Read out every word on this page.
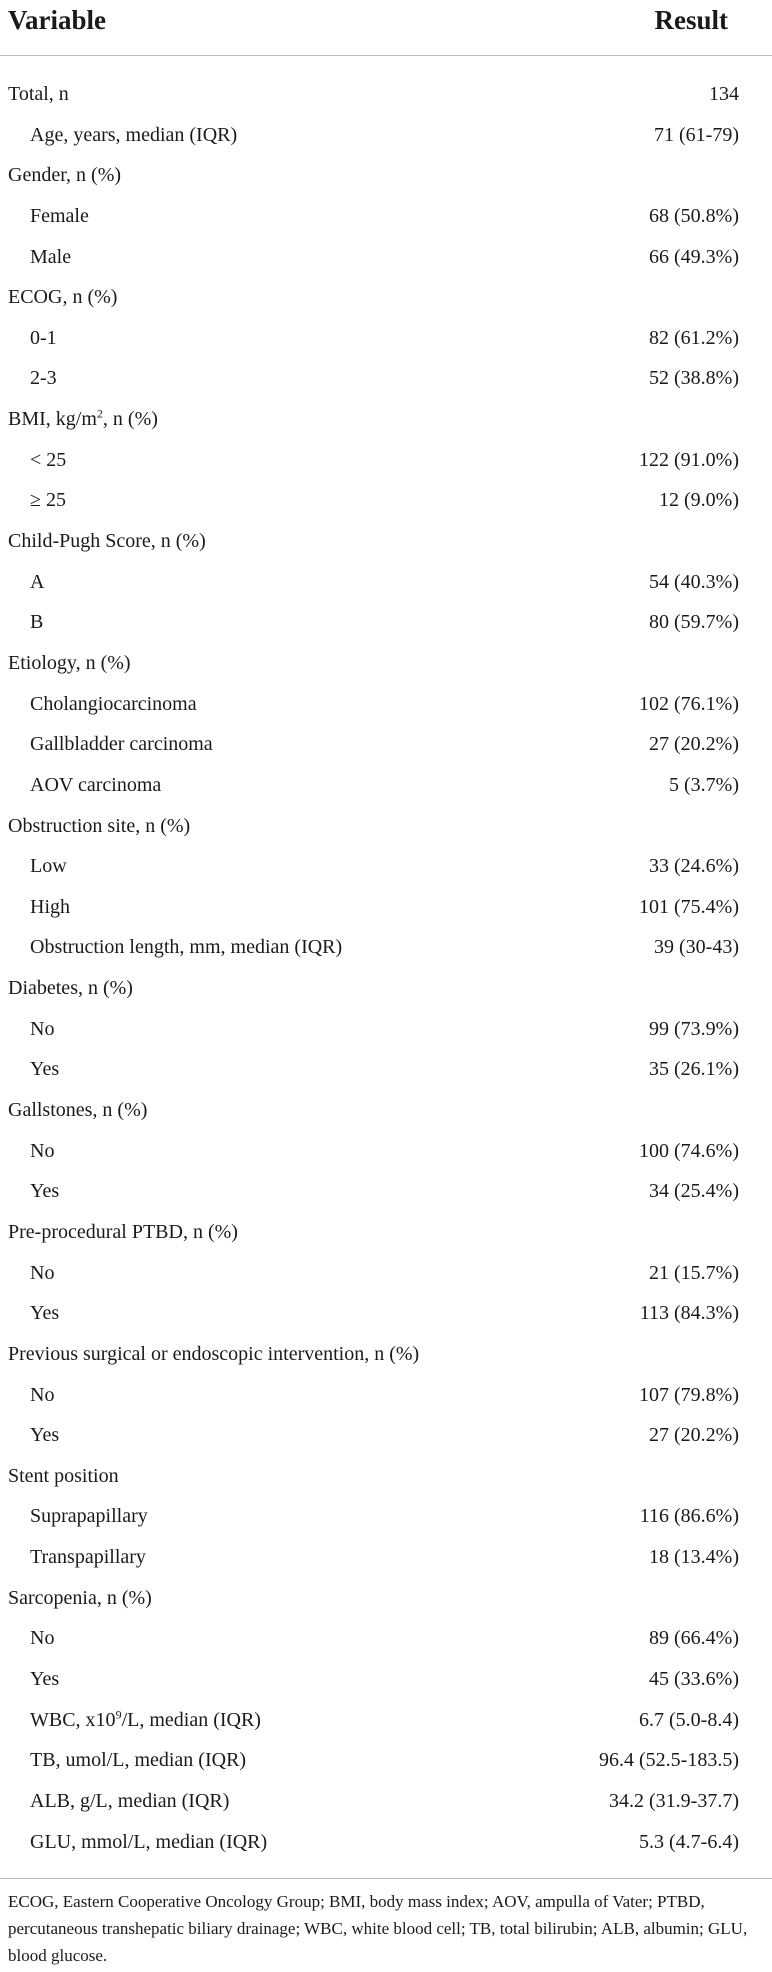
Variable	Result
Total, n	134
Age, years, median (IQR)	71 (61-79)
Gender, n (%)
Female	68 (50.8%)
Male	66 (49.3%)
ECOG, n (%)
0-1	82 (61.2%)
2-3	52 (38.8%)
BMI, $kg/m^2$, n (%)
< 25	122 (91.0%)
≥ 25	12 (9.0%)
Child-Pugh Score, n (%)
A	54 (40.3%)
B	80 (59.7%)
Etiology, n (%)
Cholangiocarcinoma	102 (76.1%)
Gallbladder carcinoma	27 (20.2%)
AOV carcinoma	5 (3.7%)
Obstruction site, n (%)
Low	33 (24.6%)
High	101 (75.4%)
Obstruction length, mm, median (IQR)	39 (30-43)
Diabetes, n (%)
No	99 (73.9%)
Yes	35 (26.1%)
Gallstones, n (%)
No	100 (74.6%)
Yes	34 (25.4%)
Pre-procedural PTBD, n (%)
No	21 (15.7%)
Yes	113 (84.3%)
Previous surgical or endoscopic intervention, n (%)
No	107 (79.8%)
Yes	27 (20.2%)
Stent position
Suprapapillary	116 (86.6%)
Transpapillary	18 (13.4%)
Sarcopenia, n (%)
No	89 (66.4%)
Yes	45 (33.6%)
WBC, $x10^9/L$, median (IQR)	6.7 (5.0-8.4)
TB, umol/L, median (IQR)	96.4 (52.5-183.5)
ALB, g/L, median (IQR)	34.2 (31.9-37.7)
GLU, mmol/L, median (IQR)	5.3 (4.7-6.4)
ECOG, Eastern Cooperative Oncology Group; BMI, body mass index; AOV, ampulla of Vater; PTBD, percutaneous transhepatic biliary drainage; WBC, white blood cell; TB, total bilirubin; ALB, albumin; GLU, blood glucose.
